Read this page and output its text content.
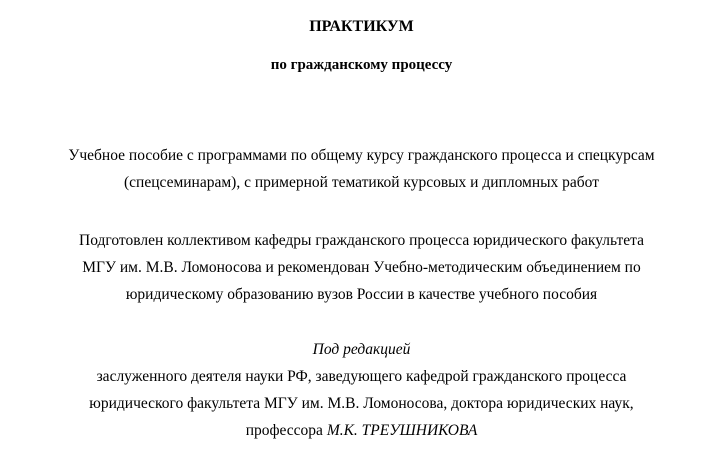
ПРАКТИКУМ
по гражданскому процессу
Учебное пособие с программами по общему курсу гражданского процесса и спецкурсам
(спецсеминарам), с примерной тематикой курсовых и дипломных работ
Подготовлен коллективом кафедры гражданского процесса юридического факультета
МГУ им. М.В. Ломоносова и рекомендован Учебно-методическим объединением по
юридическому образованию вузов России в качестве учебного пособия
Под редакцией
заслуженного деятеля науки РФ, заведующего кафедрой гражданского процесса
юридического факультета МГУ им. М.В. Ломоносова, доктора юридических наук,
профессора М.К. ТРЕУШНИКОВА
